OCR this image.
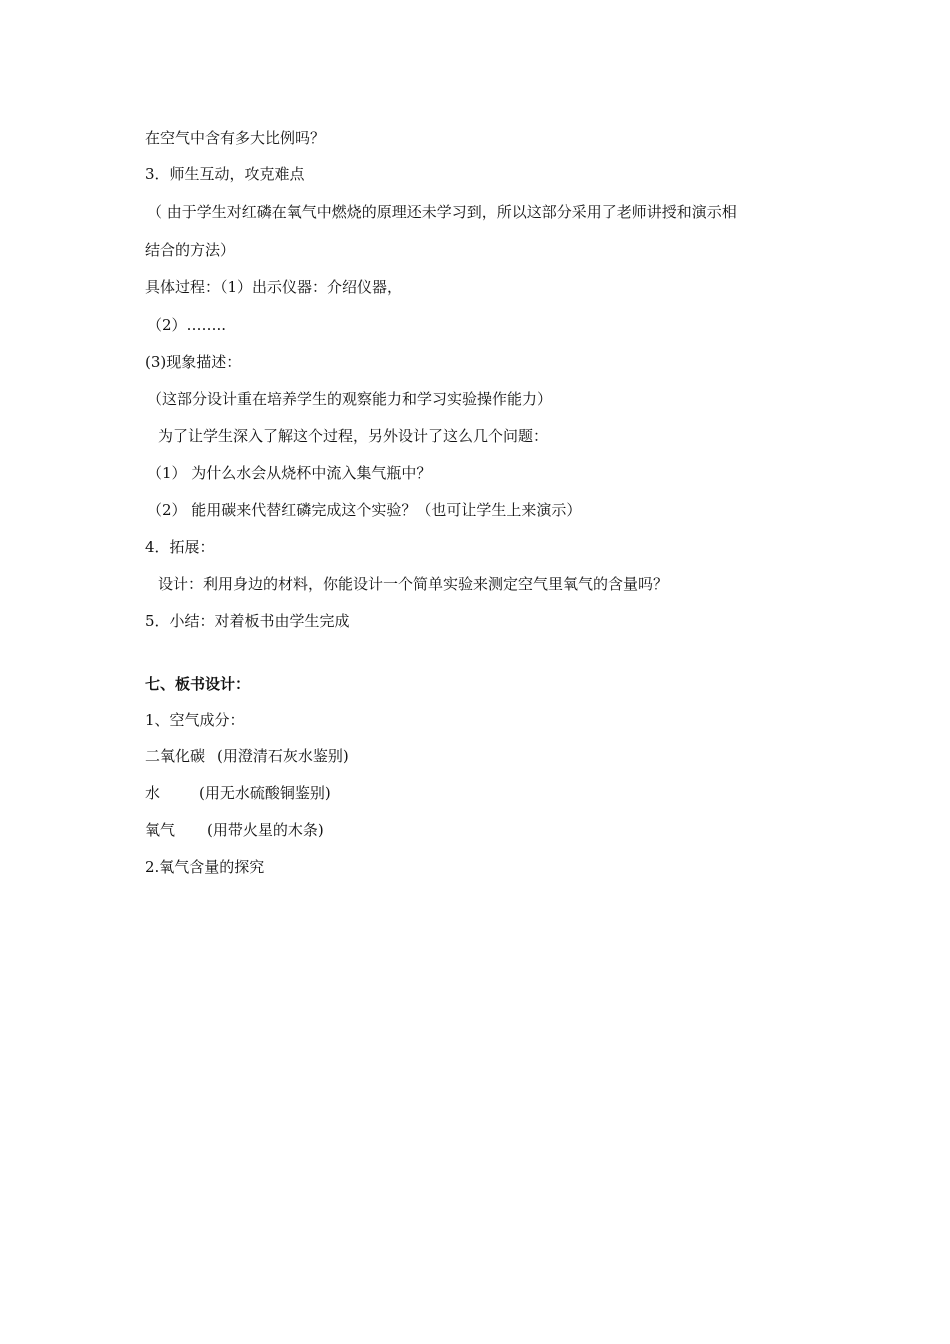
在空气中含有多大比例吗？
3．师生互动，攻克难点
（ 由于学生对红磷在氧气中燃烧的原理还未学习到，所以这部分采用了老师讲授和演示相
结合的方法）
具体过程：（1）出示仪器：介绍仪器，
（2）……..
(3)现象描述：
（这部分设计重在培养学生的观察能力和学习实验操作能力）
为了让学生深入了解这个过程，另外设计了这么几个问题：
（1） 为什么水会从烧杯中流入集气瓶中？
（2） 能用碳来代替红磷完成这个实验？（也可让学生上来演示）
4．拓展：
设计：利用身边的材料，你能设计一个简单实验来测定空气里氧气的含量吗？
5．小结：对着板书由学生完成
七、板书设计：
1、空气成分：
二氧化碳 (用澄清石灰水鉴别)
水	(用无水硫酸铜鉴别)
氧气 (用带火星的木条)
2.氧气含量的探究
